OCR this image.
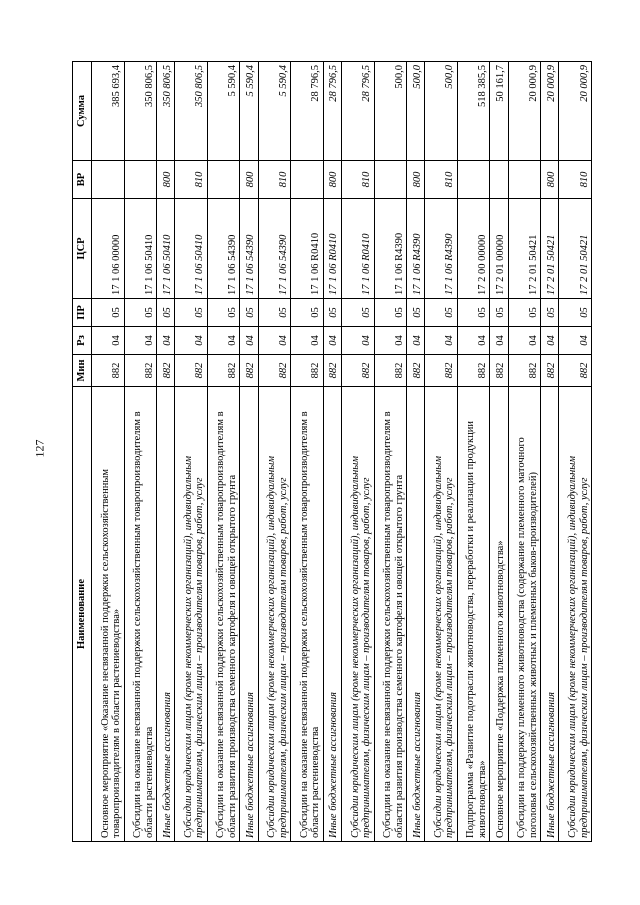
127
Наименование	Мин	Рз	ПР	ЦСР	ВР	Сумма
Основное мероприятие «Оказание несвязанной поддержки сельскохозяйственным товаропроизводителям в области растениеводства»	882	04	05	17 1 06 00000		385 693,4
Субсидии на оказание несвязанной поддержки сельскохозяйственным товаропроизводителям в области растениеводства	882	04	05	17 1 06 50410		350 806,5
Иные бюджетные ассигнования	882	04	05	17 1 06 50410	800	350 806,5
Субсидии юридическим лицам (кроме некоммерческих организаций), индивидуальным предпринимателям, физическим лицам – производителям товаров, работ, услуг	882	04	05	17 1 06 50410	810	350 806,5
Субсидии на оказание несвязанной поддержки сельскохозяйственным товаропроизводителям в области развития производства семенного картофеля и овощей открытого грунта	882	04	05	17 1 06 54390		5 590,4
Иные бюджетные ассигнования	882	04	05	17 1 06 54390	800	5 590,4
Субсидии юридическим лицам (кроме некоммерческих организаций), индивидуальным предпринимателям, физическим лицам – производителям товаров, работ, услуг	882	04	05	17 1 06 54390	810	5 590,4
Субсидии на оказание несвязанной поддержки сельскохозяйственным товаропроизводителям в области растениеводства	882	04	05	17 1 06 R0410		28 796,5
Иные бюджетные ассигнования	882	04	05	17 1 06 R0410	800	28 796,5
Субсидии юридическим лицам (кроме некоммерческих организаций), индивидуальным предпринимателям, физическим лицам – производителям товаров, работ, услуг	882	04	05	17 1 06 R0410	810	28 796,5
Субсидии на оказание несвязанной поддержки сельскохозяйственным товаропроизводителям в области развития производства семенного картофеля и овощей открытого грунта	882	04	05	17 1 06 R4390		500,0
Иные бюджетные ассигнования	882	04	05	17 1 06 R4390	800	500,0
Субсидии юридическим лицам (кроме некоммерческих организаций), индивидуальным предпринимателям, физическим лицам – производителям товаров, работ, услуг	882	04	05	17 1 06 R4390	810	500,0
Подпрограмма «Развитие подотрасли животноводства, переработки и реализации продукции животноводства»	882	04	05	17 2 00 00000		518 385,5
Основное мероприятие «Поддержка племенного животноводства»	882	04	05	17 2 01 00000		50 161,7
Субсидии на поддержку племенного животноводства (содержание племенного маточного поголовья сельскохозяйственных животных и племенных быков-производителей)	882	04	05	17 2 01 50421		20 000,9
Иные бюджетные ассигнования	882	04	05	17 2 01 50421	800	20 000,9
Субсидии юридическим лицам (кроме некоммерческих организаций), индивидуальным предпринимателям, физическим лицам – производителям товаров, работ, услуг	882	04	05	17 2 01 50421	810	20 000,9
